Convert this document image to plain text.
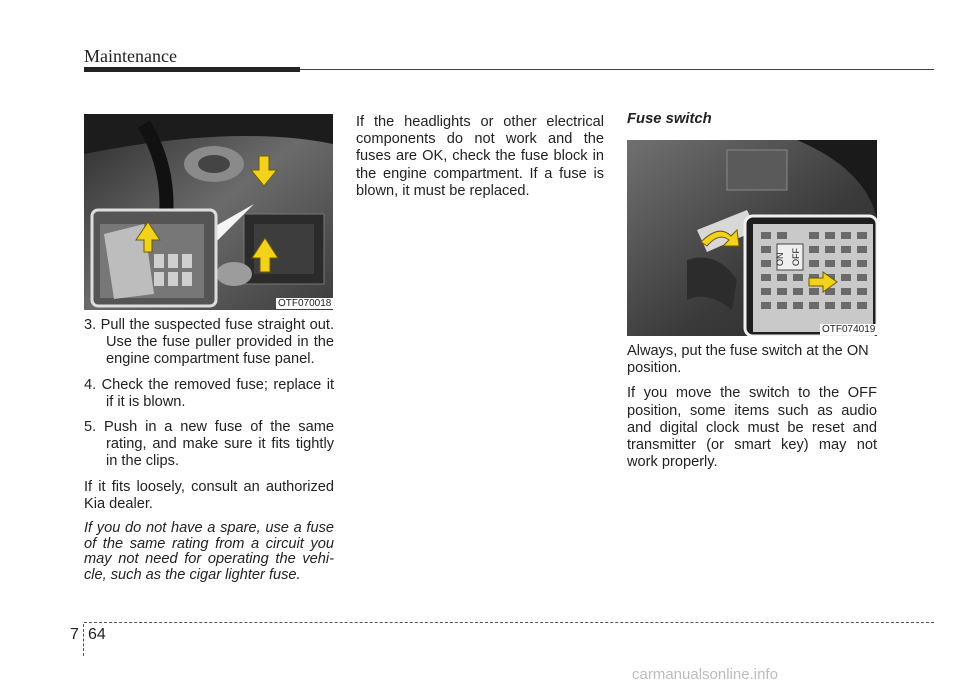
Maintenance
OTF070018
3. Pull the suspected fuse straight out. Use the fuse puller provided in the engine compartment fuse panel.
4. Check the removed fuse; replace it if it is blown.
5. Push in a new fuse of the same rating, and make sure it fits tightly in the clips.

If it fits loosely, consult an authorized Kia dealer.

If you do not have a spare, use a fuse of the same rating from a circuit you may not need for operating the vehi-cle, such as the cigar lighter fuse.

If the headlights or other electrical components do not work and the fuses are OK, check the fuse block in the engine compartment. If a fuse is blown, it must be replaced.

Fuse switch
ON OFF
OTF074019

Always, put the fuse switch at the ON position.

If you move the switch to the OFF position, some items such as audio and digital clock must be reset and transmitter (or smart key) may not work properly.

7 64
carmanualsonline.info
